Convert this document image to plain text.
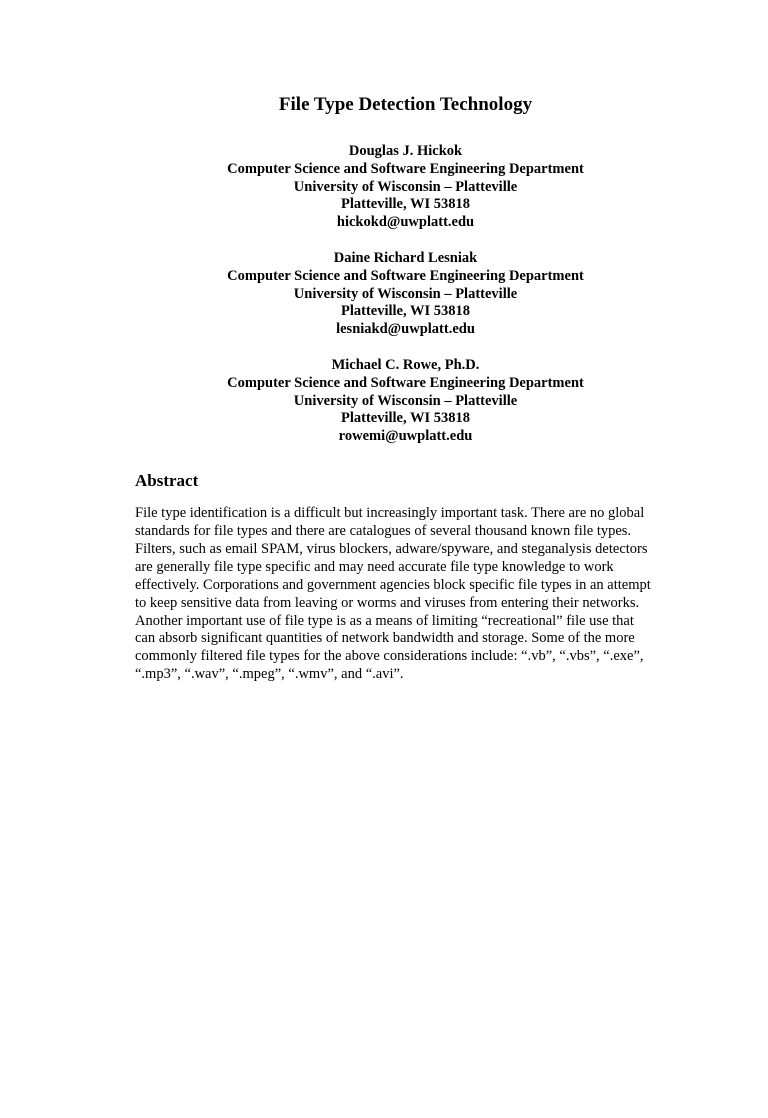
File Type Detection Technology
Douglas J. Hickok
Computer Science and Software Engineering Department
University of Wisconsin – Platteville
Platteville, WI 53818
hickokd@uwplatt.edu
Daine Richard Lesniak
Computer Science and Software Engineering Department
University of Wisconsin – Platteville
Platteville, WI 53818
lesniakd@uwplatt.edu
Michael C. Rowe, Ph.D.
Computer Science and Software Engineering Department
University of Wisconsin – Platteville
Platteville, WI 53818
rowemi@uwplatt.edu
Abstract
File type identification is a difficult but increasingly important task. There are no global
standards for file types and there are catalogues of several thousand known file types.
Filters, such as email SPAM, virus blockers, adware/spyware, and steganalysis detectors
are generally file type specific and may need accurate file type knowledge to work
effectively. Corporations and government agencies block specific file types in an attempt
to keep sensitive data from leaving or worms and viruses from entering their networks.
Another important use of file type is as a means of limiting “recreational” file use that
can absorb significant quantities of network bandwidth and storage. Some of the more
commonly filtered file types for the above considerations include: “.vb”, “.vbs”, “.exe”,
“.mp3”, “.wav”, “.mpeg”, “.wmv”, and “.avi”.
